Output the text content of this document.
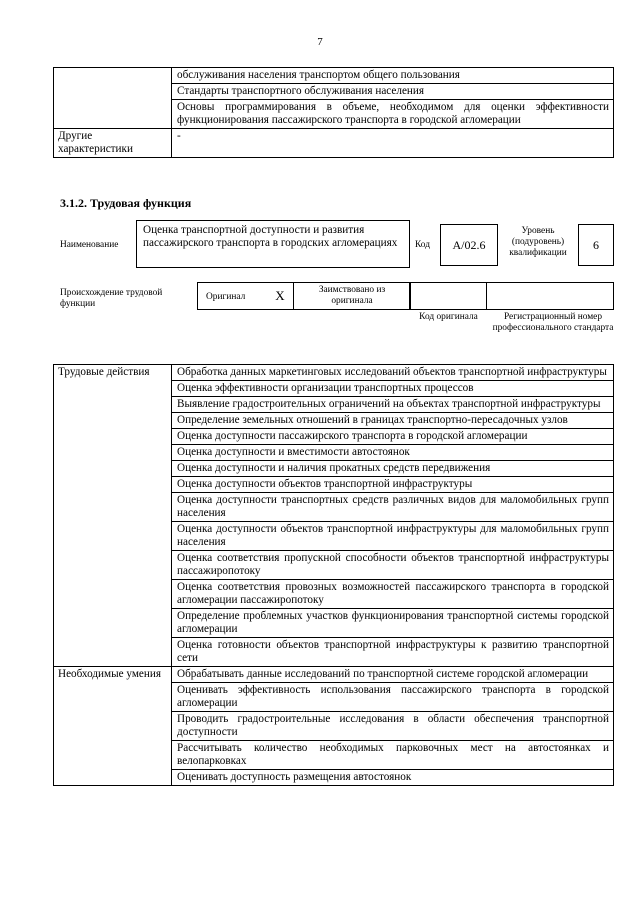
7
	обслуживания населения транспортом общего пользования
	Стандарты транспортного обслуживания населения
	Основы программирования в объеме, необходимом для оценки эффективности функционирования пассажирского транспорта в городской агломерации
Другие характеристики	-
3.1.2. Трудовая функция
Наименование
Оценка транспортной доступности и развития пассажирского транспорта в городских агломерациях	Код	А/02.6
Уровень (подуровень) квалификации
6
Происхождение трудовой функции
Оригинал	X	Заимствовано из оригинала
Код оригинала	Регистрационный номер профессионального стандарта
Трудовые действия	Обработка данных маркетинговых исследований объектов транспортной инфраструктуры
	Оценка эффективности организации транспортных процессов
	Выявление градостроительных ограничений на объектах транспортной инфраструктуры
	Определение земельных отношений в границах транспортно-пересадочных узлов
	Оценка доступности пассажирского транспорта в городской агломерации
	Оценка доступности и вместимости автостоянок
	Оценка доступности и наличия прокатных средств передвижения
	Оценка доступности объектов транспортной инфраструктуры
	Оценка доступности транспортных средств различных видов для маломобильных групп населения
	Оценка доступности объектов транспортной инфраструктуры для маломобильных групп населения
	Оценка соответствия пропускной способности объектов транспортной инфраструктуры пассажиропотоку
	Оценка соответствия провозных возможностей пассажирского транспорта в городской агломерации пассажиропотоку
	Определение проблемных участков функционирования транспортной системы городской агломерации
	Оценка готовности объектов транспортной инфраструктуры к развитию транспортной сети
Необходимые умения	Обрабатывать данные исследований по транспортной системе городской агломерации
	Оценивать эффективность использования пассажирского транспорта в городской агломерации
	Проводить градостроительные исследования в области обеспечения транспортной доступности
	Рассчитывать количество необходимых парковочных мест на автостоянках и велопарковках
	Оценивать доступность размещения автостоянок
